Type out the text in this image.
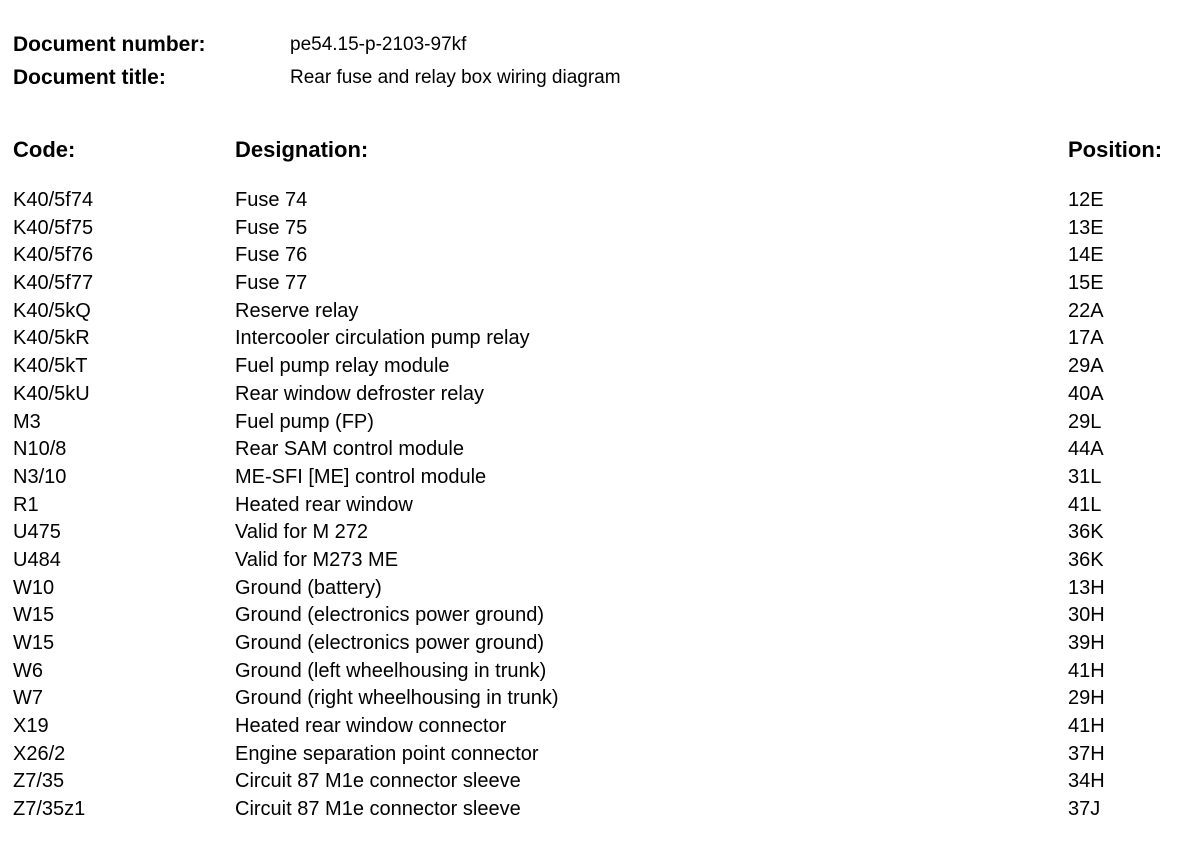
Document number:	pe54.15-p-2103-97kf
Document title:	Rear fuse and relay box wiring diagram
Code:	Designation:	Position:
K40/5f74	Fuse 74	12E
K40/5f75	Fuse 75	13E
K40/5f76	Fuse 76	14E
K40/5f77	Fuse 77	15E
K40/5kQ	Reserve relay	22A
K40/5kR	Intercooler circulation pump relay	17A
K40/5kT	Fuel pump relay module	29A
K40/5kU	Rear window defroster relay	40A
M3	Fuel pump (FP)	29L
N10/8	Rear SAM control module	44A
N3/10	ME-SFI [ME] control module	31L
R1	Heated rear window	41L
U475	Valid for M 272	36K
U484	Valid for M273 ME	36K
W10	Ground (battery)	13H
W15	Ground (electronics power ground)	30H
W15	Ground (electronics power ground)	39H
W6	Ground (left wheelhousing in trunk)	41H
W7	Ground (right wheelhousing in trunk)	29H
X19	Heated rear window connector	41H
X26/2	Engine separation point connector	37H
Z7/35	Circuit 87 M1e connector sleeve	34H
Z7/35z1	Circuit 87 M1e connector sleeve	37J
